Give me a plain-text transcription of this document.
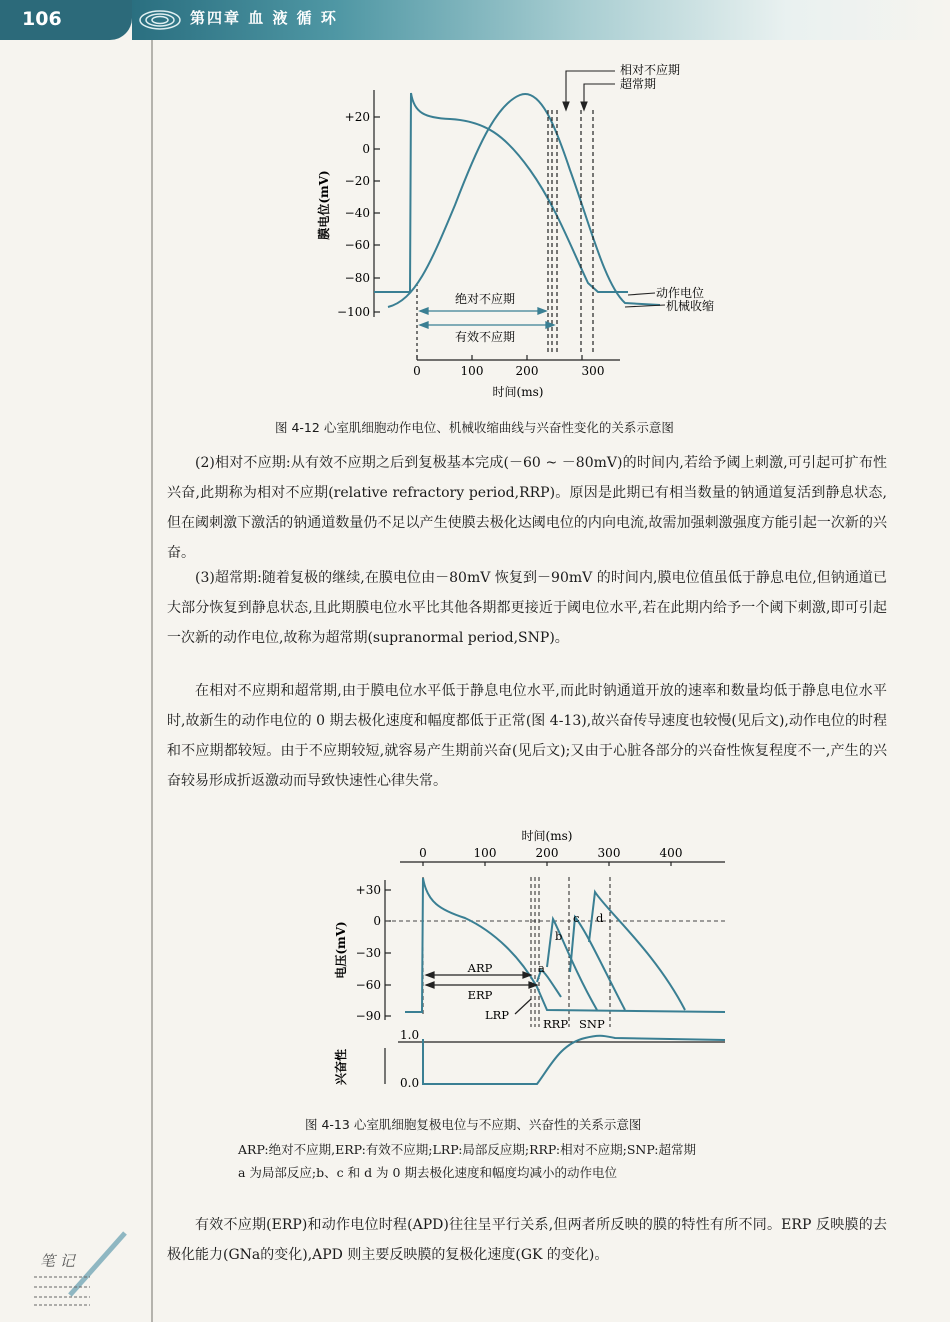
106	第四章 血 液 循 环
+20
0
−20
−40
−60
−80
−100
0	100	200	300
时间(ms)
膜电位(mV)
绝对不应期
有效不应期
相对不应期
超常期
动作电位
机械收缩
图 4-12 心室肌细胞动作电位、机械收缩曲线与兴奋性变化的关系示意图

(2)相对不应期:从有效不应期之后到复极基本完成(－60 ~ －80mV)的时间内,若给予阈上刺激,可引起可扩布性兴奋,此期称为相对不应期(relative refractory period,RRP)。原因是此期已有相当数量的钠通道复活到静息状态,但在阈刺激下激活的钠通道数量仍不足以产生使膜去极化达阈电位的内向电流,故需加强刺激强度方能引起一次新的兴奋。

(3)超常期:随着复极的继续,在膜电位由－80mV 恢复到－90mV 的时间内,膜电位值虽低于静息电位,但钠通道已大部分恢复到静息状态,且此期膜电位水平比其他各期都更接近于阈电位水平,若在此期内给予一个阈下刺激,即可引起一次新的动作电位,故称为超常期(supranormal period,SNP)。

在相对不应期和超常期,由于膜电位水平低于静息电位水平,而此时钠通道开放的速率和数量均低于静息电位水平时,故新生的动作电位的 0 期去极化速度和幅度都低于正常(图 4-13),故兴奋传导速度也较慢(见后文),动作电位的时程和不应期都较短。由于不应期较短,就容易产生期前兴奋(见后文);又由于心脏各部分的兴奋性恢复程度不一,产生的兴奋较易形成折返激动而导致快速性心律失常。

时间(ms)
0	100	200	300	400
+30
0
−30
−60
−90
电压(mV)
兴奋性
1.0
0.0
ARP
ERP
LRP
RRP SNP
a
b
c d
图 4-13 心室肌细胞复极电位与不应期、兴奋性的关系示意图
ARP:绝对不应期,ERP:有效不应期;LRP:局部反应期;RRP:相对不应期;SNP:超常期
a 为局部反应;b、c 和 d 为 0 期去极化速度和幅度均减小的动作电位

有效不应期(ERP)和动作电位时程(APD)往往呈平行关系,但两者所反映的膜的特性有所不同。ERP 反映膜的去极化能力(GNa的变化),APD 则主要反映膜的复极化速度(GK 的变化)。

笔 记
